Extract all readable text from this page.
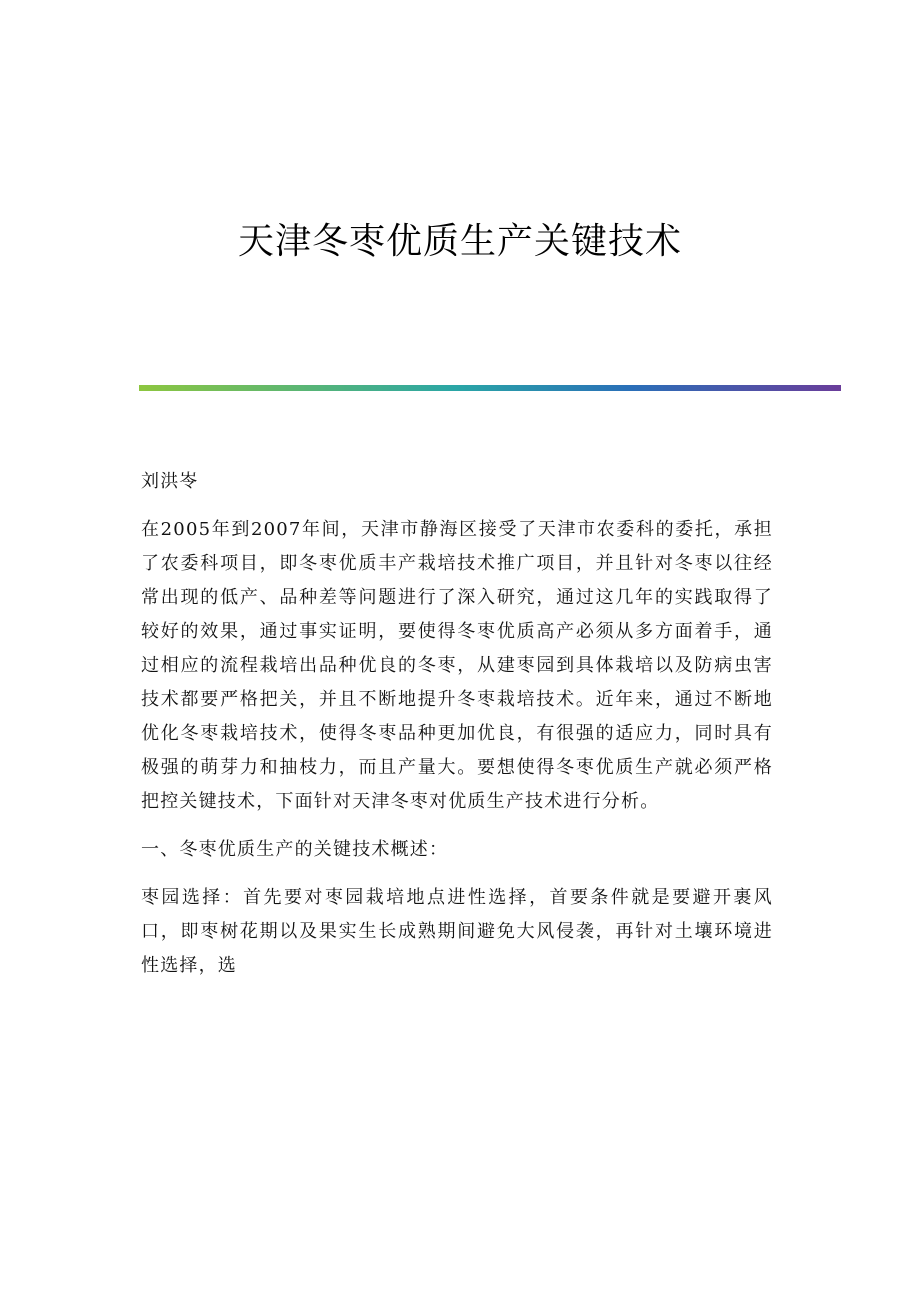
天津冬枣优质生产关键技术

刘洪岺

在2005年到2007年间，天津市静海区接受了天津市农委科的委托，承担了农委科项目，即冬枣优质丰产栽培技术推广项目，并且针对冬枣以往经常出现的低产、品种差等问题进行了深入研究，通过这几年的实践取得了较好的效果，通过事实证明，要使得冬枣优质高产必须从多方面着手，通过相应的流程栽培出品种优良的冬枣，从建枣园到具体栽培以及防病虫害技术都要严格把关，并且不断地提升冬枣栽培技术。近年来，通过不断地优化冬枣栽培技术，使得冬枣品种更加优良，有很强的适应力，同时具有极强的萌芽力和抽枝力，而且产量大。要想使得冬枣优质生产就必须严格把控关键技术，下面针对天津冬枣对优质生产技术进行分析。

一、冬枣优质生产的关键技术概述：

枣园选择：首先要对枣园栽培地点进性选择，首要条件就是要避开裹风口，即枣树花期以及果实生长成熟期间避免大风侵袭，再针对土壤环境进性选择，选
